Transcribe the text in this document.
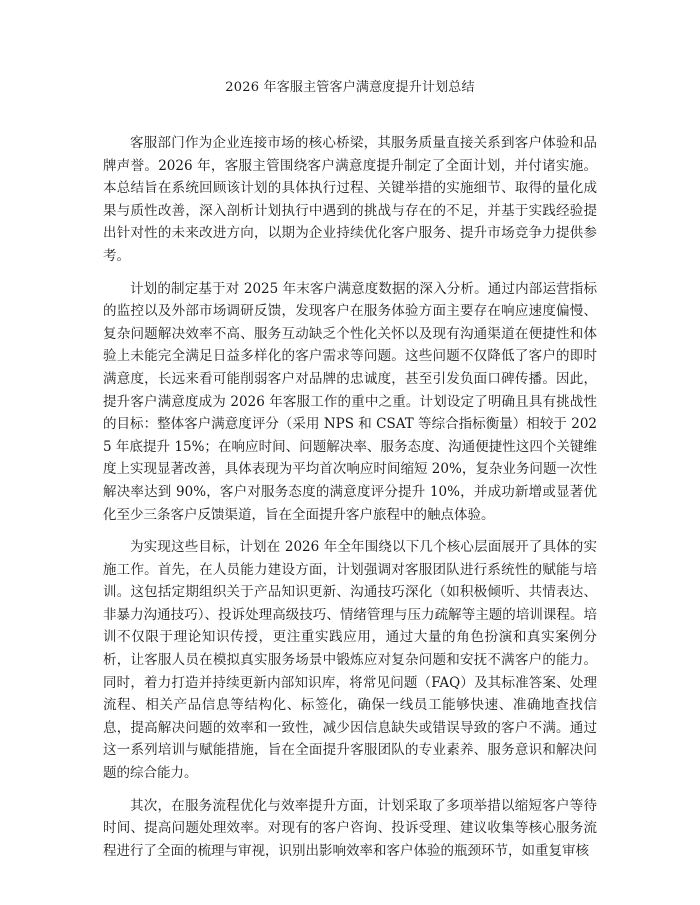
2026 年客服主管客户满意度提升计划总结

客服部门作为企业连接市场的核心桥梁，其服务质量直接关系到客户体验和品牌声誉。2026 年，客服主管围绕客户满意度提升制定了全面计划，并付诸实施。本总结旨在系统回顾该计划的具体执行过程、关键举措的实施细节、取得的量化成果与质性改善，深入剖析计划执行中遇到的挑战与存在的不足，并基于实践经验提出针对性的未来改进方向，以期为企业持续优化客户服务、提升市场竞争力提供参考。

计划的制定基于对 2025 年末客户满意度数据的深入分析。通过内部运营指标的监控以及外部市场调研反馈，发现客户在服务体验方面主要存在响应速度偏慢、复杂问题解决效率不高、服务互动缺乏个性化关怀以及现有沟通渠道在便捷性和体验上未能完全满足日益多样化的客户需求等问题。这些问题不仅降低了客户的即时满意度，长远来看可能削弱客户对品牌的忠诚度，甚至引发负面口碑传播。因此，提升客户满意度成为 2026 年客服工作的重中之重。计划设定了明确且具有挑战性的目标：整体客户满意度评分（采用 NPS 和 CSAT 等综合指标衡量）相较于 2025 年底提升 15%；在响应时间、问题解决率、服务态度、沟通便捷性这四个关键维度上实现显著改善，具体表现为平均首次响应时间缩短 20%，复杂业务问题一次性解决率达到 90%，客户对服务态度的满意度评分提升 10%，并成功新增或显著优化至少三条客户反馈渠道，旨在全面提升客户旅程中的触点体验。

为实现这些目标，计划在 2026 年全年围绕以下几个核心层面展开了具体的实施工作。首先，在人员能力建设方面，计划强调对客服团队进行系统性的赋能与培训。这包括定期组织关于产品知识更新、沟通技巧深化（如积极倾听、共情表达、非暴力沟通技巧）、投诉处理高级技巧、情绪管理与压力疏解等主题的培训课程。培训不仅限于理论知识传授，更注重实践应用，通过大量的角色扮演和真实案例分析，让客服人员在模拟真实服务场景中锻炼应对复杂问题和安抚不满客户的能力。同时，着力打造并持续更新内部知识库，将常见问题（FAQ）及其标准答案、处理流程、相关产品信息等结构化、标签化，确保一线员工能够快速、准确地查找信息，提高解决问题的效率和一致性，减少因信息缺失或错误导致的客户不满。通过这一系列培训与赋能措施，旨在全面提升客服团队的专业素养、服务意识和解决问题的综合能力。

其次，在服务流程优化与效率提升方面，计划采取了多项举措以缩短客户等待时间、提高问题处理效率。对现有的客户咨询、投诉受理、建议收集等核心服务流程进行了全面的梳理与审视，识别出影响效率和客户体验的瓶颈环节，如重复审核
